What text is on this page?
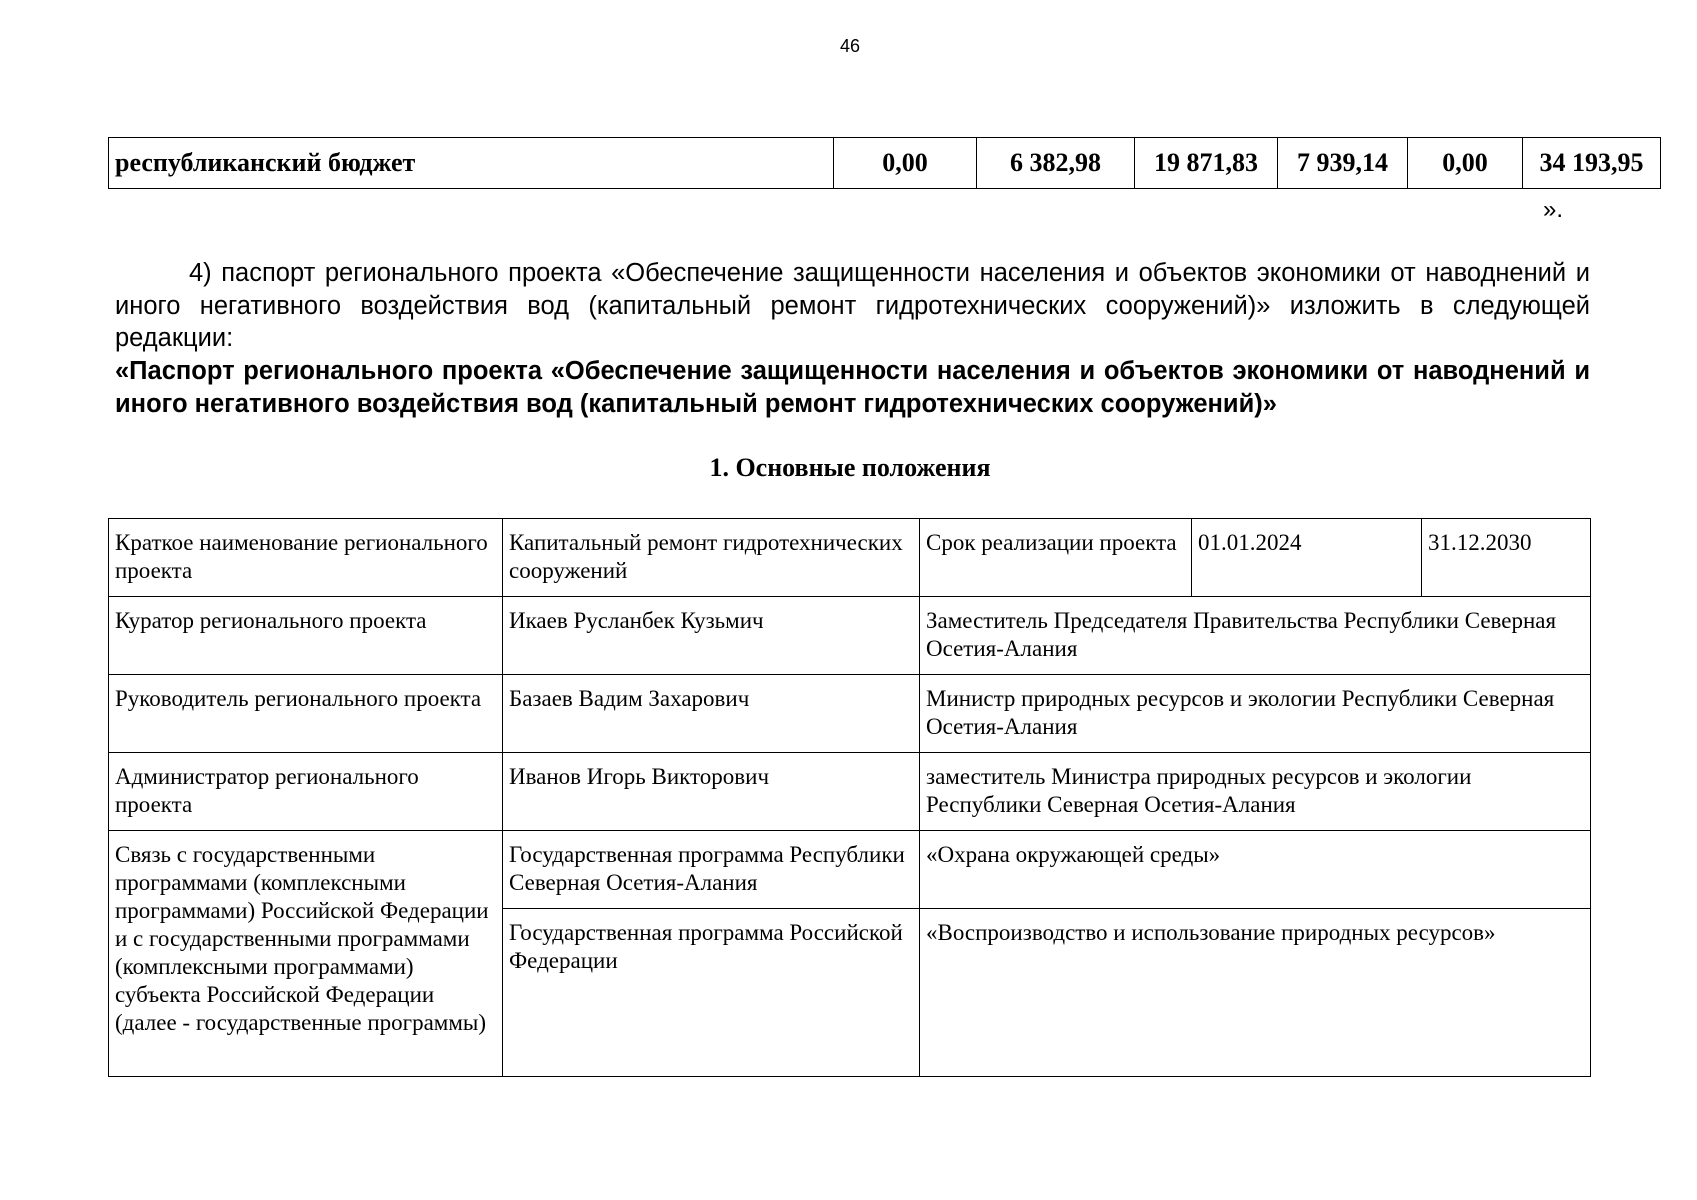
46
республиканский бюджет	0,00	6 382,98	19 871,83	7 939,14	0,00	34 193,95
».

4) паспорт регионального проекта «Обеспечение защищенности населения и объектов экономики от наводнений и иного негативного воздействия вод (капитальный ремонт гидротехнических сооружений)» изложить в следующей редакции:

«Паспорт регионального проекта «Обеспечение защищенности населения и объектов экономики от наводнений и иного негативного воздействия вод (капитальный ремонт гидротехнических сооружений)»

1. Основные положения
Краткое наименование регионального проекта	Капитальный ремонт гидротехнических сооружений	Срок реализации проекта	01.01.2024	31.12.2030
Куратор регионального проекта	Икаев Русланбек Кузьмич	Заместитель Председателя Правительства Республики Северная Осетия-Алания		
Руководитель регионального проекта	Базаев Вадим Захарович	Министр природных ресурсов и экологии Республики Северная Осетия-Алания		
Администратор регионального проекта	Иванов Игорь Викторович	заместитель Министра природных ресурсов и экологии Республики Северная Осетия-Алания		
Связь с государственными программами (комплексными программами) Российской Федерации и с государственными программами (комплексными программами) субъекта Российской Федерации (далее - государственные программы)	Государственная программа Республики Северная Осетия-Алания	«Охрана окружающей среды»		
	Государственная программа Российской Федерации	«Воспроизводство и использование природных ресурсов»		
